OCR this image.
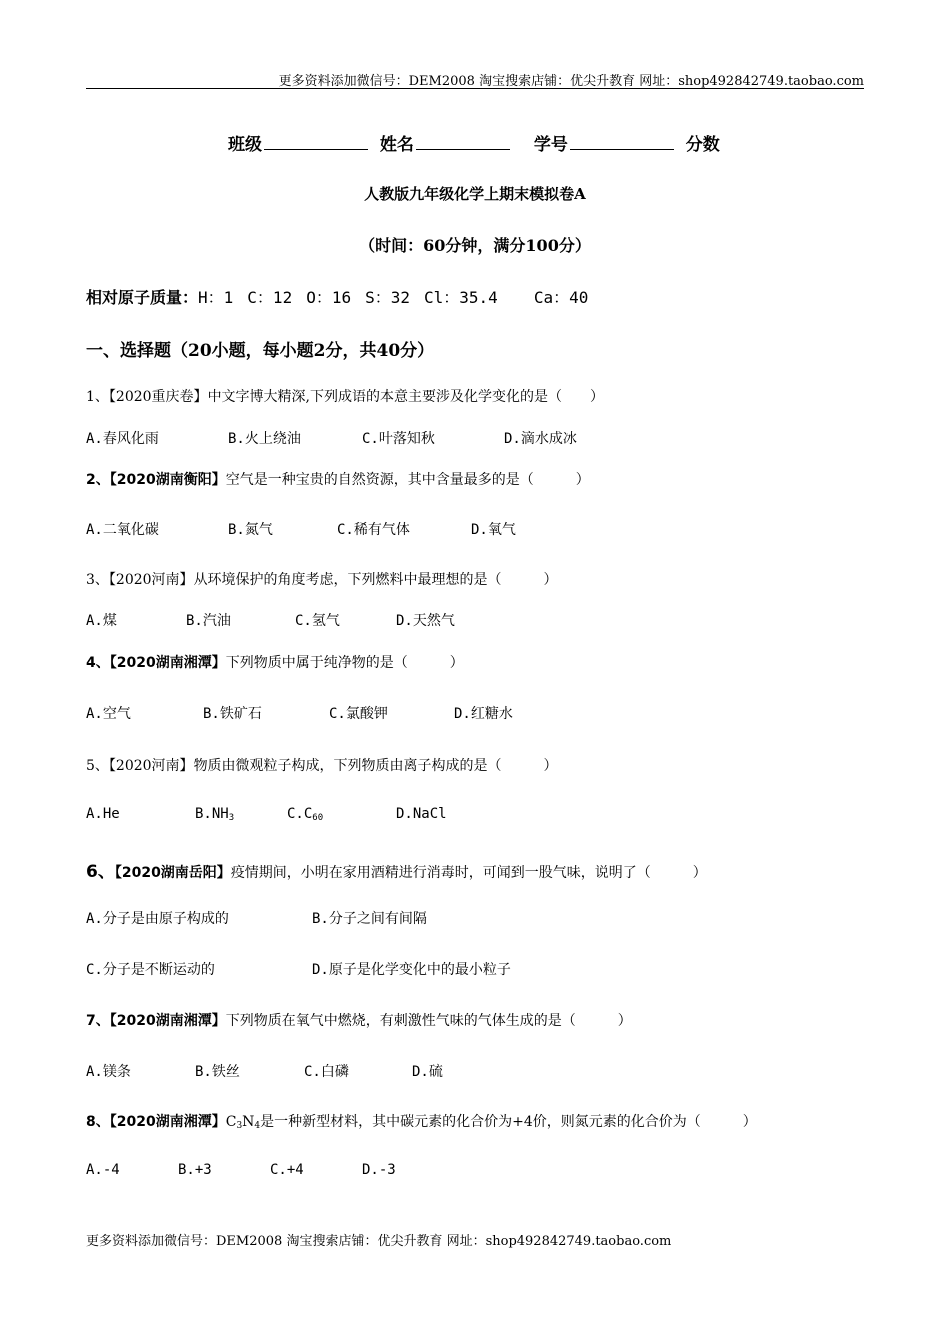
更多资料添加微信号：DEM2008 淘宝搜索店铺：优尖升教育 网址：shop492842749.taobao.com
班级	姓名	学号	分数
人教版九年级化学上期末模拟卷A
（时间：60分钟，满分100分）
相对原子质量：H：1 C：12 O：16 S：32 Cl：35.4 Ca：40
一、选择题（20小题，每小题2分，共40分）
1、【2020重庆卷】中文字博大精深,下列成语的本意主要涉及化学变化的是（　　）
A.春风化雨	B.火上绕油	C.叶落知秋	D.滴水成冰
2、【2020湖南衡阳】空气是一种宝贵的自然资源，其中含量最多的是（　　　）
A.二氧化碳	B.氮气	C.稀有气体	D.氧气
3、【2020河南】从环境保护的角度考虑，下列燃料中最理想的是（　　　）
A.煤	B.汽油	C.氢气	D.天然气
4、【2020湖南湘潭】下列物质中属于纯净物的是（　　　）
A.空气	B.铁矿石	C.氯酸钾	D.红糖水
5、【2020河南】物质由微观粒子构成，下列物质由离子构成的是（　　　）
A.He	$B.NH_3$	$C.C_{60}$	D.NaCl
6、【2020湖南岳阳】疫情期间，小明在家用酒精进行消毒时，可闻到一股气味，说明了（　　　）
A.分子是由原子构成的	B.分子之间有间隔
C.分子是不断运动的	D.原子是化学变化中的最小粒子
7、【2020湖南湘潭】下列物质在氧气中燃烧，有刺激性气味的气体生成的是（　　　）
A.镁条	B.铁丝	C.白磷	D.硫
8、【2020湖南湘潭】$C_3N_4$是一种新型材料，其中碳元素的化合价为+4价，则氮元素的化合价为（　　　）
A.-4	B.+3	C.+4	D.-3
更多资料添加微信号：DEM2008 淘宝搜索店铺：优尖升教育 网址：shop492842749.taobao.com
